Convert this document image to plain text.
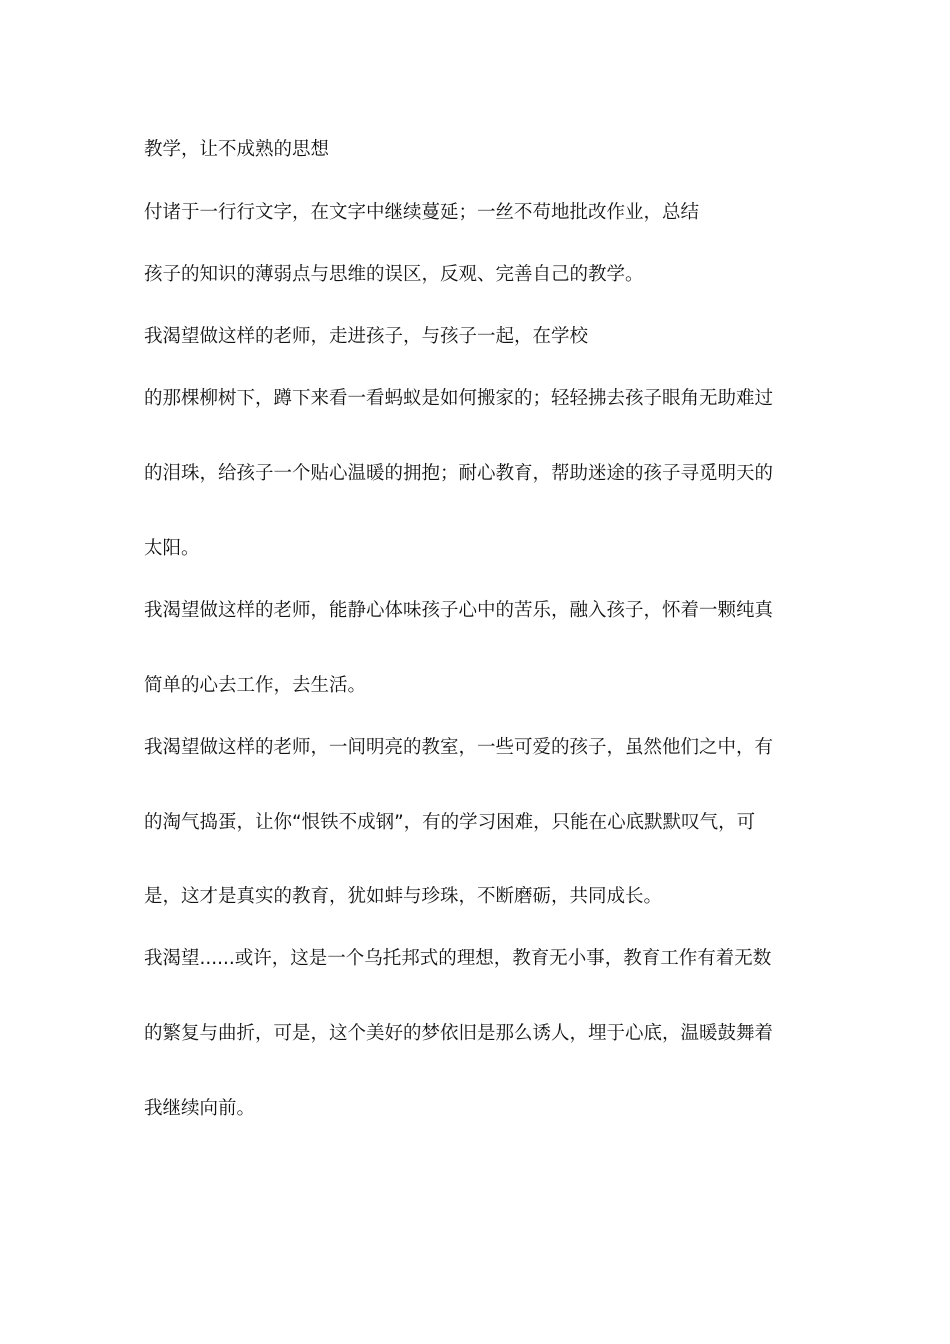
教学，让不成熟的思想
付诸于一行行文字，在文字中继续蔓延；一丝不苟地批改作业，总结
孩子的知识的薄弱点与思维的误区，反观、完善自己的教学。
我渴望做这样的老师，走进孩子，与孩子一起，在学校
的那棵柳树下，蹲下来看一看蚂蚁是如何搬家的；轻轻拂去孩子眼角无助难过
的泪珠，给孩子一个贴心温暖的拥抱；耐心教育，帮助迷途的孩子寻觅明天的
太阳。
我渴望做这样的老师，能静心体味孩子心中的苦乐，融入孩子，怀着一颗纯真
简单的心去工作，去生活。
我渴望做这样的老师，一间明亮的教室，一些可爱的孩子，虽然他们之中，有
的淘气捣蛋，让你“恨铁不成钢”，有的学习困难，只能在心底默默叹气，可
是，这才是真实的教育，犹如蚌与珍珠，不断磨砺，共同成长。
我渴望......或许，这是一个乌托邦式的理想，教育无小事，教育工作有着无数
的繁复与曲折，可是，这个美好的梦依旧是那么诱人，埋于心底，温暖鼓舞着
我继续向前。
